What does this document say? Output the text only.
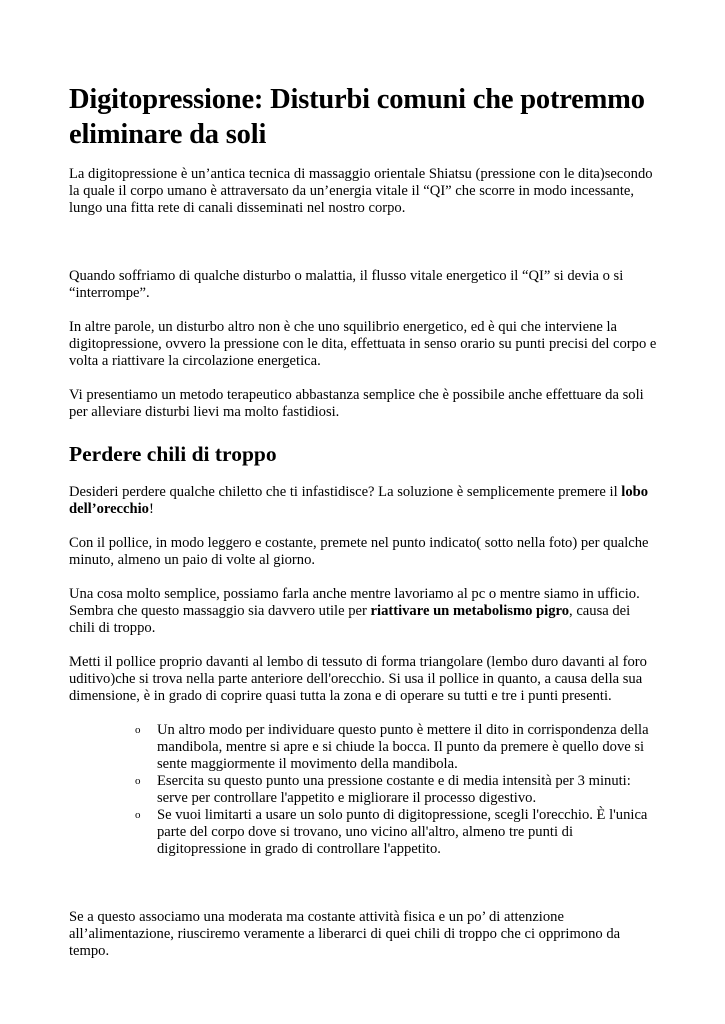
Digitopressione: Disturbi comuni che potremmo eliminare da soli

La digitopressione è un’antica tecnica di massaggio orientale Shiatsu (pressione con le dita)secondo la quale il corpo umano è attraversato da un’energia vitale il “QI” che scorre in modo incessante, lungo una fitta rete di canali disseminati nel nostro corpo.

Quando soffriamo di qualche disturbo o malattia, il flusso vitale energetico il “QI” si devia o si “interrompe”.

In altre parole, un disturbo altro non è che uno squilibrio energetico, ed è qui che interviene la digitopressione, ovvero la pressione con le dita, effettuata in senso orario su punti precisi del corpo e volta a riattivare la circolazione energetica.

Vi presentiamo un metodo terapeutico abbastanza semplice che è possibile anche effettuare da soli per alleviare disturbi lievi ma molto fastidiosi.

Perdere chili di troppo

Desideri perdere qualche chiletto che ti infastidisce? La soluzione è semplicemente premere il lobo dell’orecchio!

Con il pollice, in modo leggero e costante, premete nel punto indicato( sotto nella foto) per qualche minuto, almeno un paio di volte al giorno.

Una cosa molto semplice, possiamo farla anche mentre lavoriamo al pc o mentre siamo in ufficio. Sembra che questo massaggio sia davvero utile per riattivare un metabolismo pigro, causa dei chili di troppo.

Metti il pollice proprio davanti al lembo di tessuto di forma triangolare (lembo duro davanti al foro uditivo)che si trova nella parte anteriore dell'orecchio. Si usa il pollice in quanto, a causa della sua dimensione, è in grado di coprire quasi tutta la zona e di operare su tutti e tre i punti presenti.

o Un altro modo per individuare questo punto è mettere il dito in corrispondenza della mandibola, mentre si apre e si chiude la bocca. Il punto da premere è quello dove si sente maggiormente il movimento della mandibola.
o Esercita su questo punto una pressione costante e di media intensità per 3 minuti: serve per controllare l'appetito e migliorare il processo digestivo.
o Se vuoi limitarti a usare un solo punto di digitopressione, scegli l'orecchio. È l'unica parte del corpo dove si trovano, uno vicino all'altro, almeno tre punti di digitopressione in grado di controllare l'appetito.

Se a questo associamo una moderata ma costante attività fisica e un po’ di attenzione all’alimentazione, riusciremo veramente a liberarci di quei chili di troppo che ci opprimono da tempo.
